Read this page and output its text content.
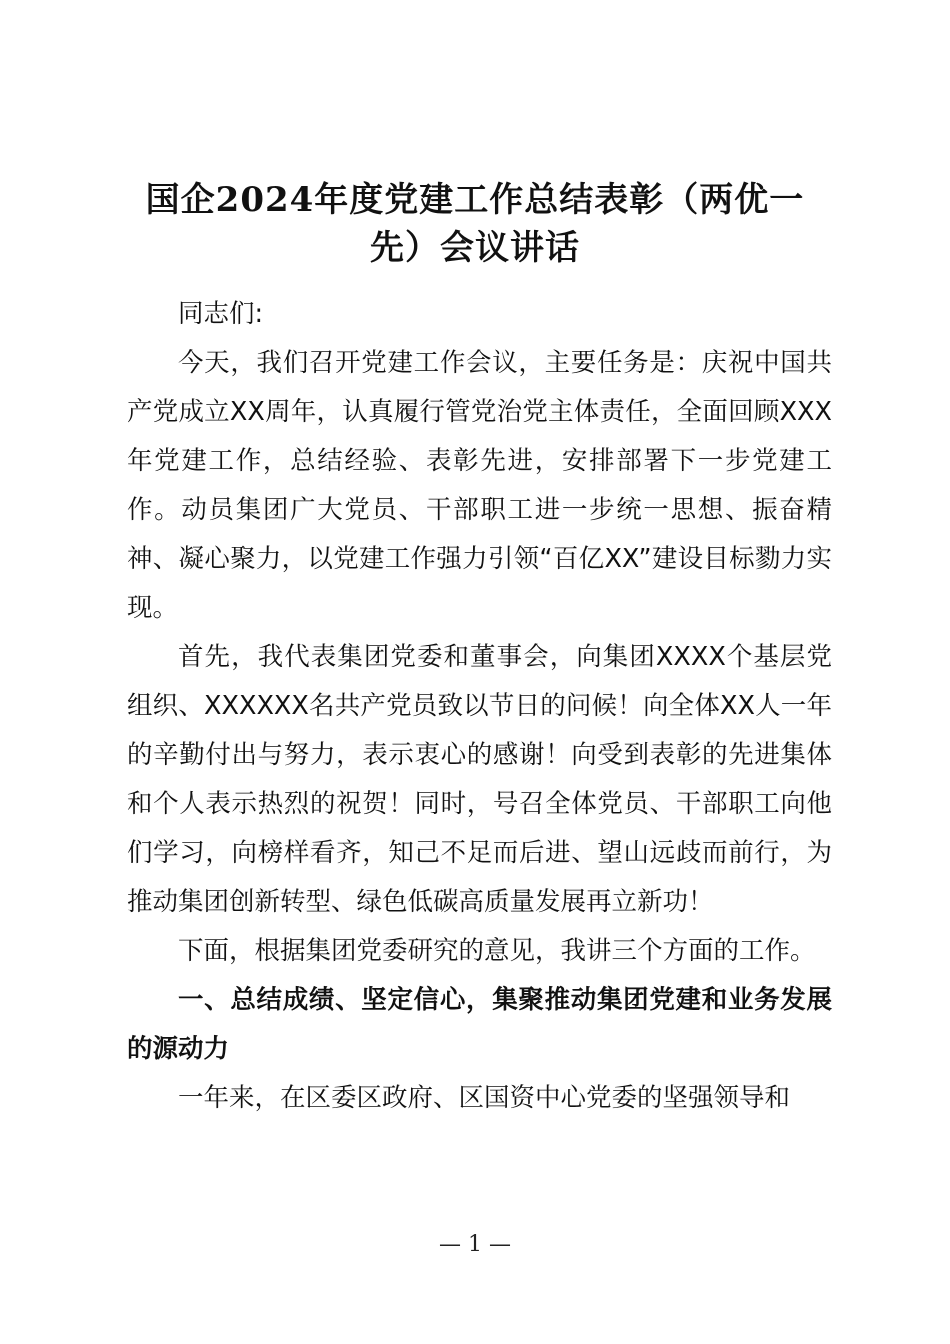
国企2024年度党建工作总结表彰（两优一先）会议讲话

同志们:

今天，我们召开党建工作会议，主要任务是：庆祝中国共产党成立XX周年，认真履行管党治党主体责任，全面回顾XXX年党建工作，总结经验、表彰先进，安排部署下一步党建工作。动员集团广大党员、干部职工进一步统一思想、振奋精神、凝心聚力，以党建工作强力引领“百亿XX”建设目标勠力实现。

首先，我代表集团党委和董事会，向集团XXXX个基层党组织、XXXXXX名共产党员致以节日的问候！向全体XX人一年的辛勤付出与努力，表示衷心的感谢！向受到表彰的先进集体和个人表示热烈的祝贺！同时，号召全体党员、干部职工向他们学习，向榜样看齐，知己不足而后进、望山远歧而前行，为推动集团创新转型、绿色低碳高质量发展再立新功！

下面，根据集团党委研究的意见，我讲三个方面的工作。

一、总结成绩、坚定信心，集聚推动集团党建和业务发展的源动力

一年来，在区委区政府、区国资中心党委的坚强领导和

— 1 —
